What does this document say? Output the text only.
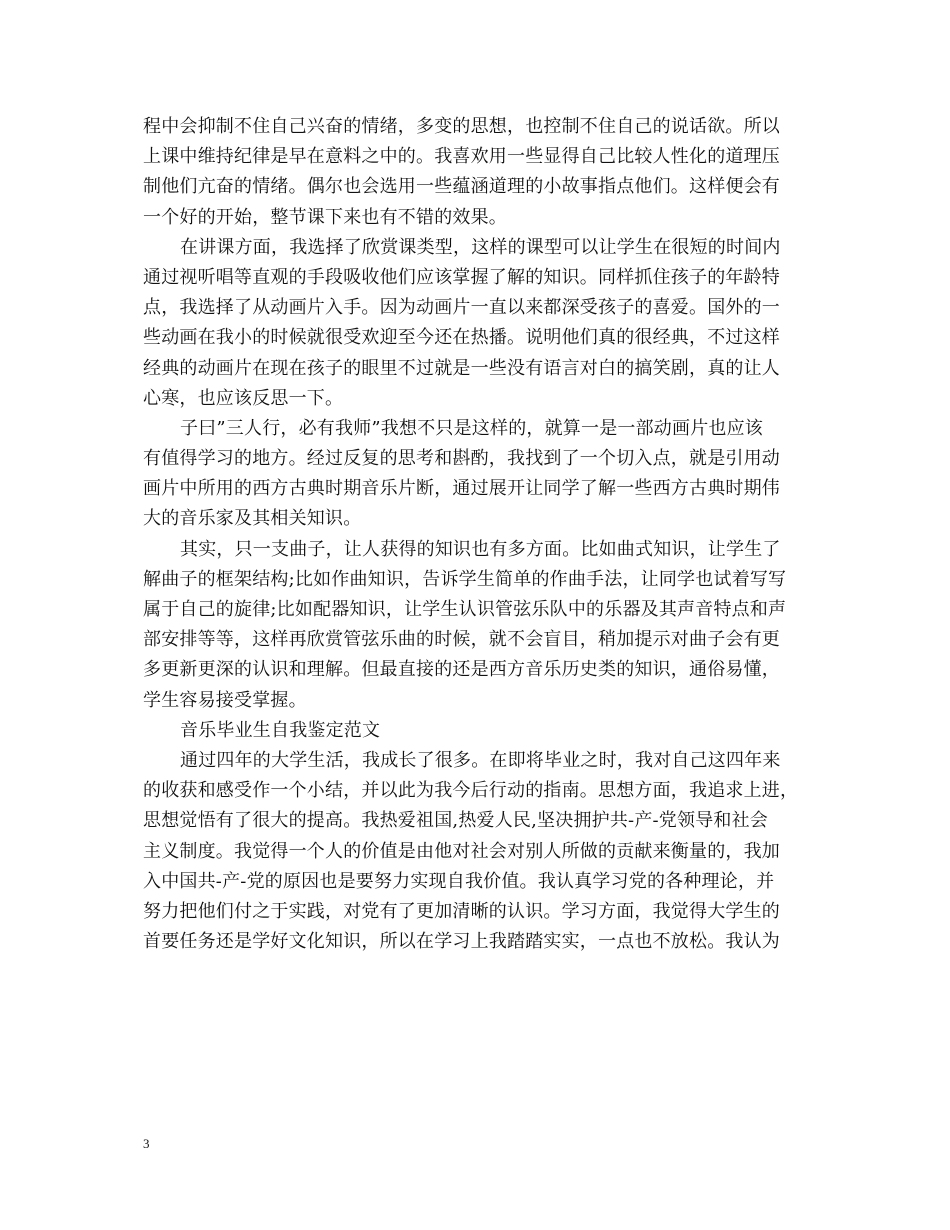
程中会抑制不住自己兴奋的情绪，多变的思想，也控制不住自己的说话欲。所以
上课中维持纪律是早在意料之中的。我喜欢用一些显得自己比较人性化的道理压
制他们亢奋的情绪。偶尔也会选用一些蕴涵道理的小故事指点他们。这样便会有
一个好的开始，整节课下来也有不错的效果。
在讲课方面，我选择了欣赏课类型，这样的课型可以让学生在很短的时间内
通过视听唱等直观的手段吸收他们应该掌握了解的知识。同样抓住孩子的年龄特
点，我选择了从动画片入手。因为动画片一直以来都深受孩子的喜爱。国外的一
些动画在我小的时候就很受欢迎至今还在热播。说明他们真的很经典，不过这样
经典的动画片在现在孩子的眼里不过就是一些没有语言对白的搞笑剧，真的让人
心寒，也应该反思一下。
子曰”三人行，必有我师”我想不只是这样的，就算一是一部动画片也应该
有值得学习的地方。经过反复的思考和斟酌，我找到了一个切入点，就是引用动
画片中所用的西方古典时期音乐片断，通过展开让同学了解一些西方古典时期伟
大的音乐家及其相关知识。
其实，只一支曲子，让人获得的知识也有多方面。比如曲式知识，让学生了
解曲子的框架结构;比如作曲知识，告诉学生简单的作曲手法，让同学也试着写写
属于自己的旋律;比如配器知识，让学生认识管弦乐队中的乐器及其声音特点和声
部安排等等，这样再欣赏管弦乐曲的时候，就不会盲目，稍加提示对曲子会有更
多更新更深的认识和理解。但最直接的还是西方音乐历史类的知识，通俗易懂，
学生容易接受掌握。
音乐毕业生自我鉴定范文
通过四年的大学生活，我成长了很多。在即将毕业之时，我对自己这四年来
的收获和感受作一个小结，并以此为我今后行动的指南。思想方面，我追求上进，
思想觉悟有了很大的提高。我热爱祖国,热爱人民,坚决拥护共-产-党领导和社会
主义制度。我觉得一个人的价值是由他对社会对别人所做的贡献来衡量的，我加
入中国共-产-党的原因也是要努力实现自我价值。我认真学习党的各种理论，并
努力把他们付之于实践，对党有了更加清晰的认识。学习方面，我觉得大学生的
首要任务还是学好文化知识，所以在学习上我踏踏实实，一点也不放松。我认为
3
